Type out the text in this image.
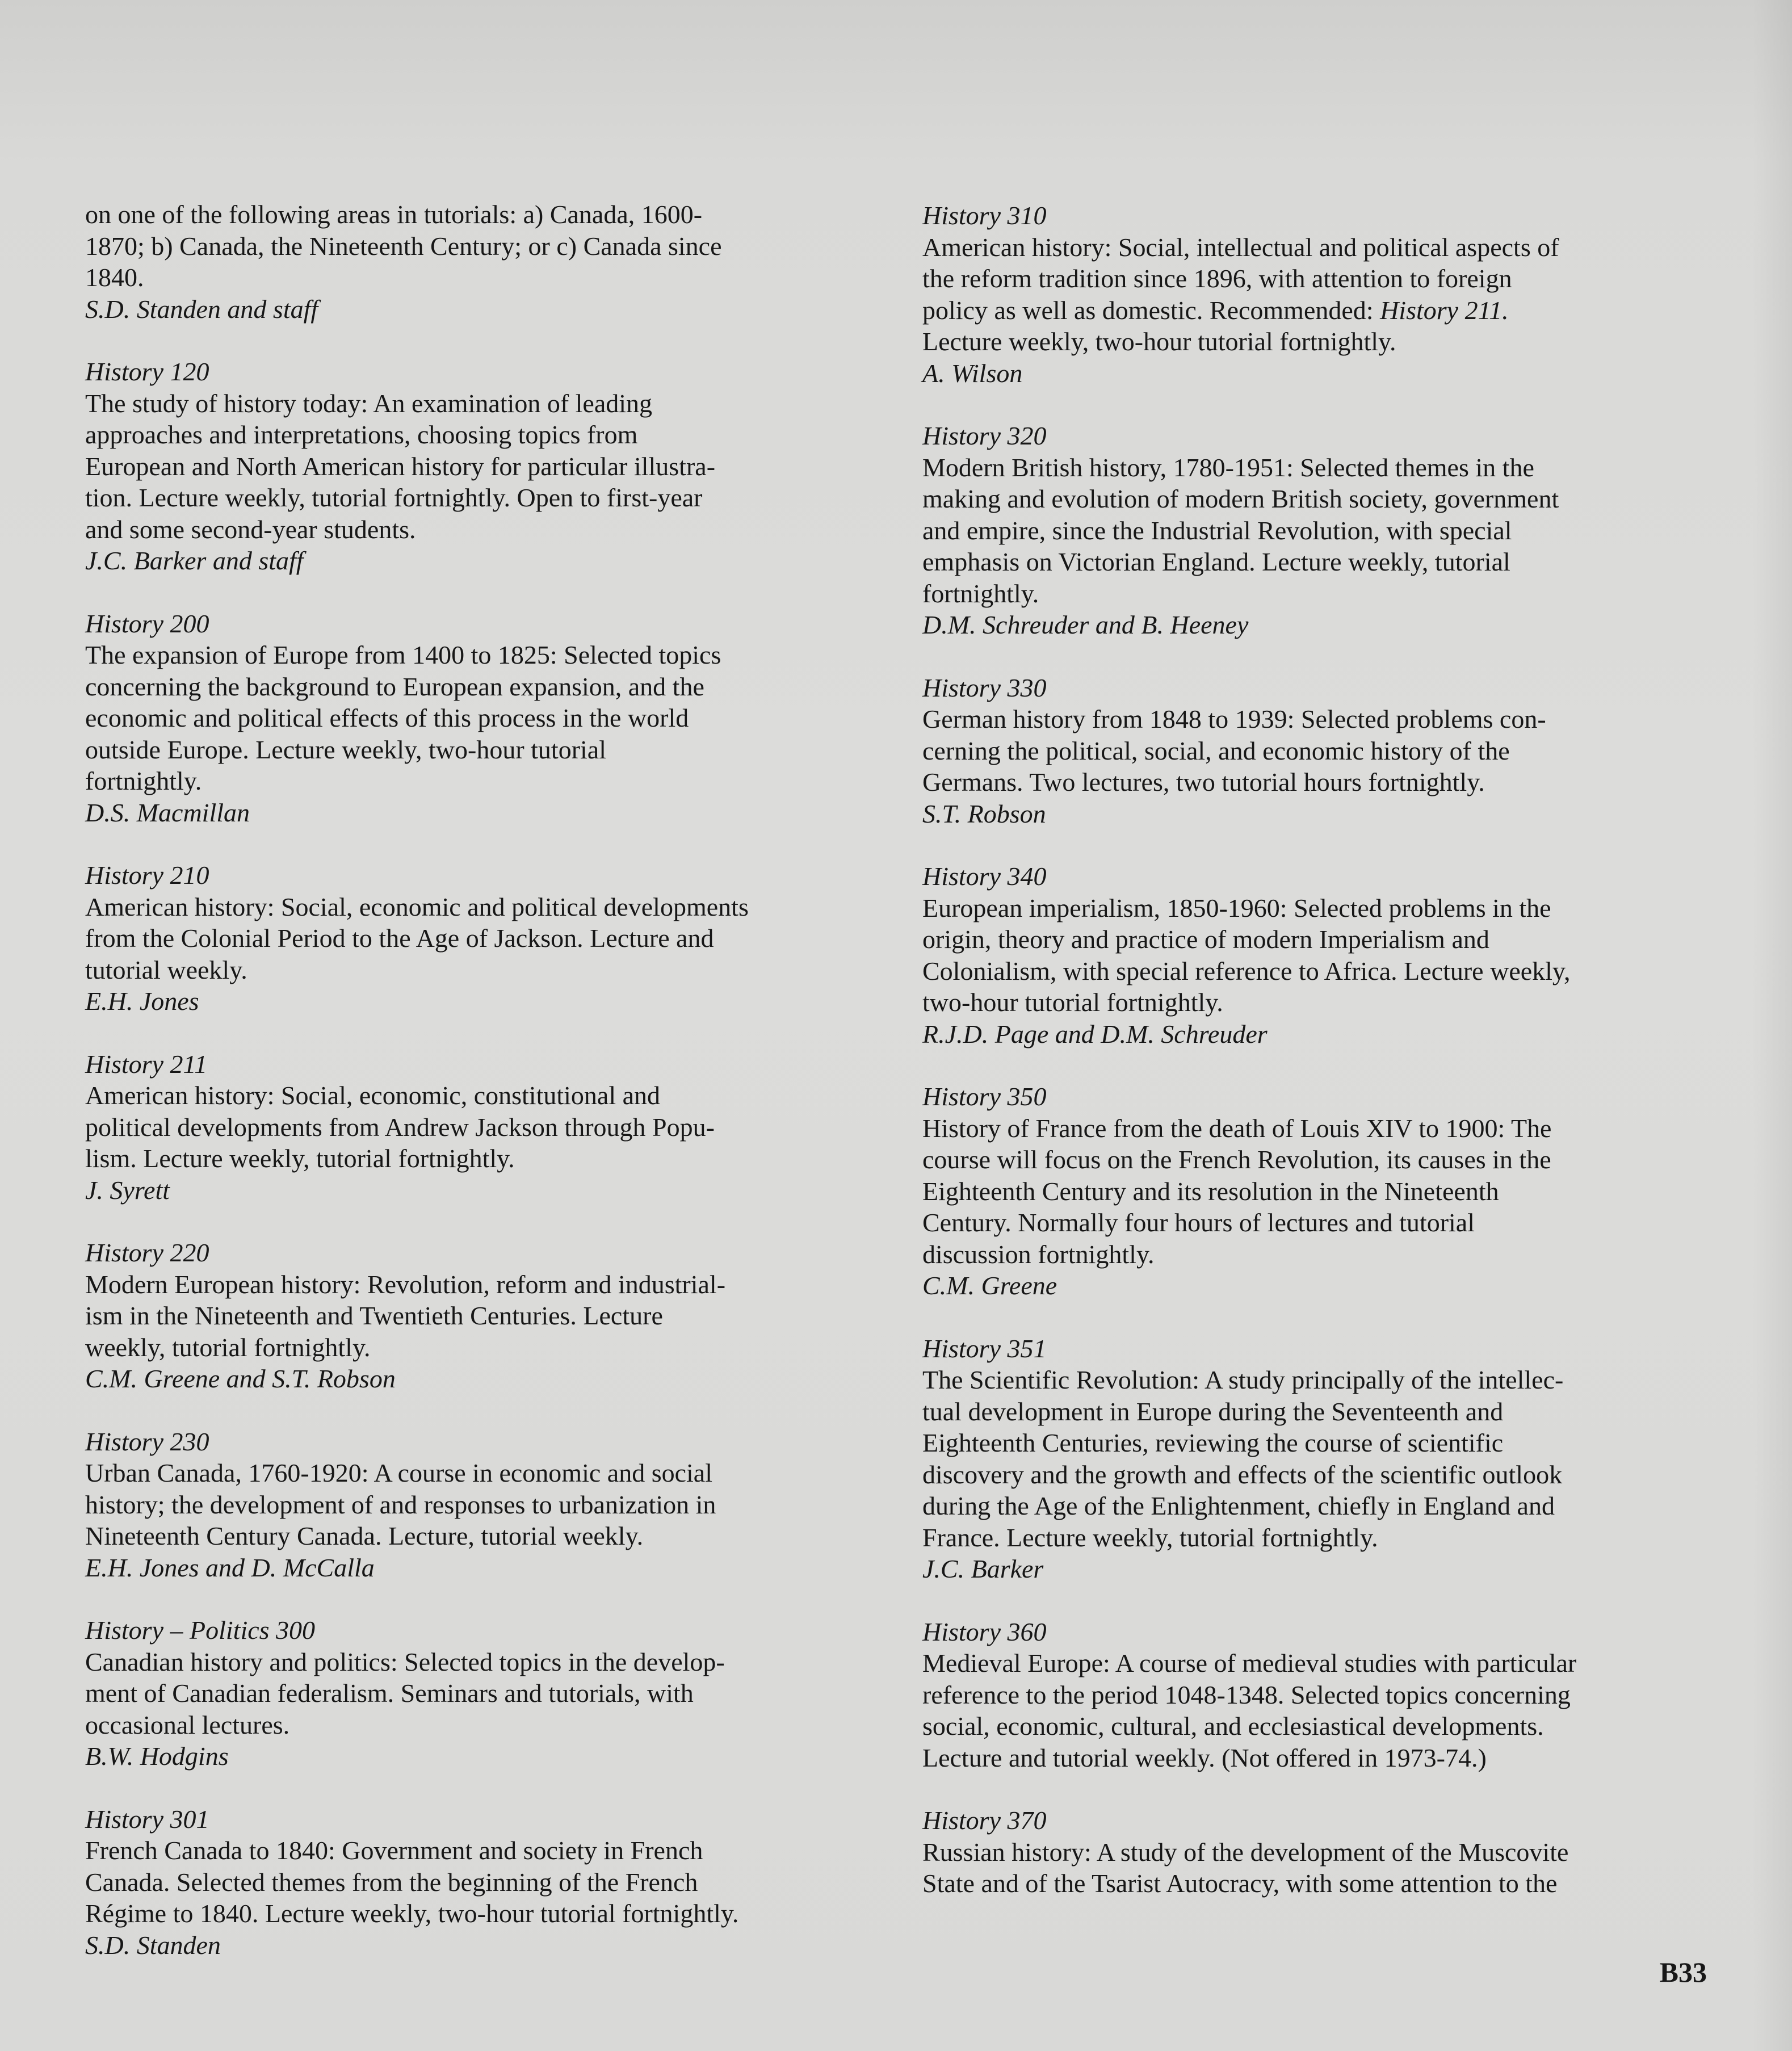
on one of the following areas in tutorials: a) Canada, 1600-
1870; b) Canada, the Nineteenth Century; or c) Canada since
1840.

S.D. Standen and staff

History 120

The study of history today: An examination of leading
approaches and interpretations, choosing topics from
European and North American history for particular illustra-
tion. Lecture weekly, tutorial fortnightly. Open to first-year
and some second-year students.

J.C. Barker and staff

History 200

The expansion of Europe from 1400 to 1825: Selected topics
concerning the background to European expansion, and the
economic and political effects of this process in the world
outside Europe. Lecture weekly, two-hour tutorial
fortnightly.

D.S. Macmillan

History 210

American history: Social, economic and political developments
from the Colonial Period to the Age of Jackson. Lecture and
tutorial weekly.

E.H. Jones

History 211

American history: Social, economic, constitutional and
political developments from Andrew Jackson through Popu-
lism. Lecture weekly, tutorial fortnightly.

J. Syrett

History 220

Modern European history: Revolution, reform and industrial-
ism in the Nineteenth and Twentieth Centuries. Lecture
weekly, tutorial fortnightly.

C.M. Greene and S.T. Robson

History 230

Urban Canada, 1760-1920: A course in economic and social
history; the development of and responses to urbanization in
Nineteenth Century Canada. Lecture, tutorial weekly.

E.H. Jones and D. McCalla

History – Politics 300

Canadian history and politics: Selected topics in the develop-
ment of Canadian federalism. Seminars and tutorials, with
occasional lectures.

B.W. Hodgins

History 301

French Canada to 1840: Government and society in French
Canada. Selected themes from the beginning of the French
Régime to 1840. Lecture weekly, two-hour tutorial fortnightly.

S.D. Standen

History 310

American history: Social, intellectual and political aspects of
the reform tradition since 1896, with attention to foreign
policy as well as domestic. Recommended: History 211.
Lecture weekly, two-hour tutorial fortnightly.

A. Wilson

History 320

Modern British history, 1780-1951: Selected themes in the
making and evolution of modern British society, government
and empire, since the Industrial Revolution, with special
emphasis on Victorian England. Lecture weekly, tutorial
fortnightly.

D.M. Schreuder and B. Heeney

History 330

German history from 1848 to 1939: Selected problems con-
cerning the political, social, and economic history of the
Germans. Two lectures, two tutorial hours fortnightly.

S.T. Robson

History 340

European imperialism, 1850-1960: Selected problems in the
origin, theory and practice of modern Imperialism and
Colonialism, with special reference to Africa. Lecture weekly,
two-hour tutorial fortnightly.

R.J.D. Page and D.M. Schreuder

History 350

History of France from the death of Louis XIV to 1900: The
course will focus on the French Revolution, its causes in the
Eighteenth Century and its resolution in the Nineteenth
Century. Normally four hours of lectures and tutorial
discussion fortnightly.

C.M. Greene

History 351

The Scientific Revolution: A study principally of the intellec-
tual development in Europe during the Seventeenth and
Eighteenth Centuries, reviewing the course of scientific
discovery and the growth and effects of the scientific outlook
during the Age of the Enlightenment, chiefly in England and
France. Lecture weekly, tutorial fortnightly.

J.C. Barker

History 360

Medieval Europe: A course of medieval studies with particular
reference to the period 1048-1348. Selected topics concerning
social, economic, cultural, and ecclesiastical developments.
Lecture and tutorial weekly. (Not offered in 1973-74.)

History 370

Russian history: A study of the development of the Muscovite
State and of the Tsarist Autocracy, with some attention to the

B33
